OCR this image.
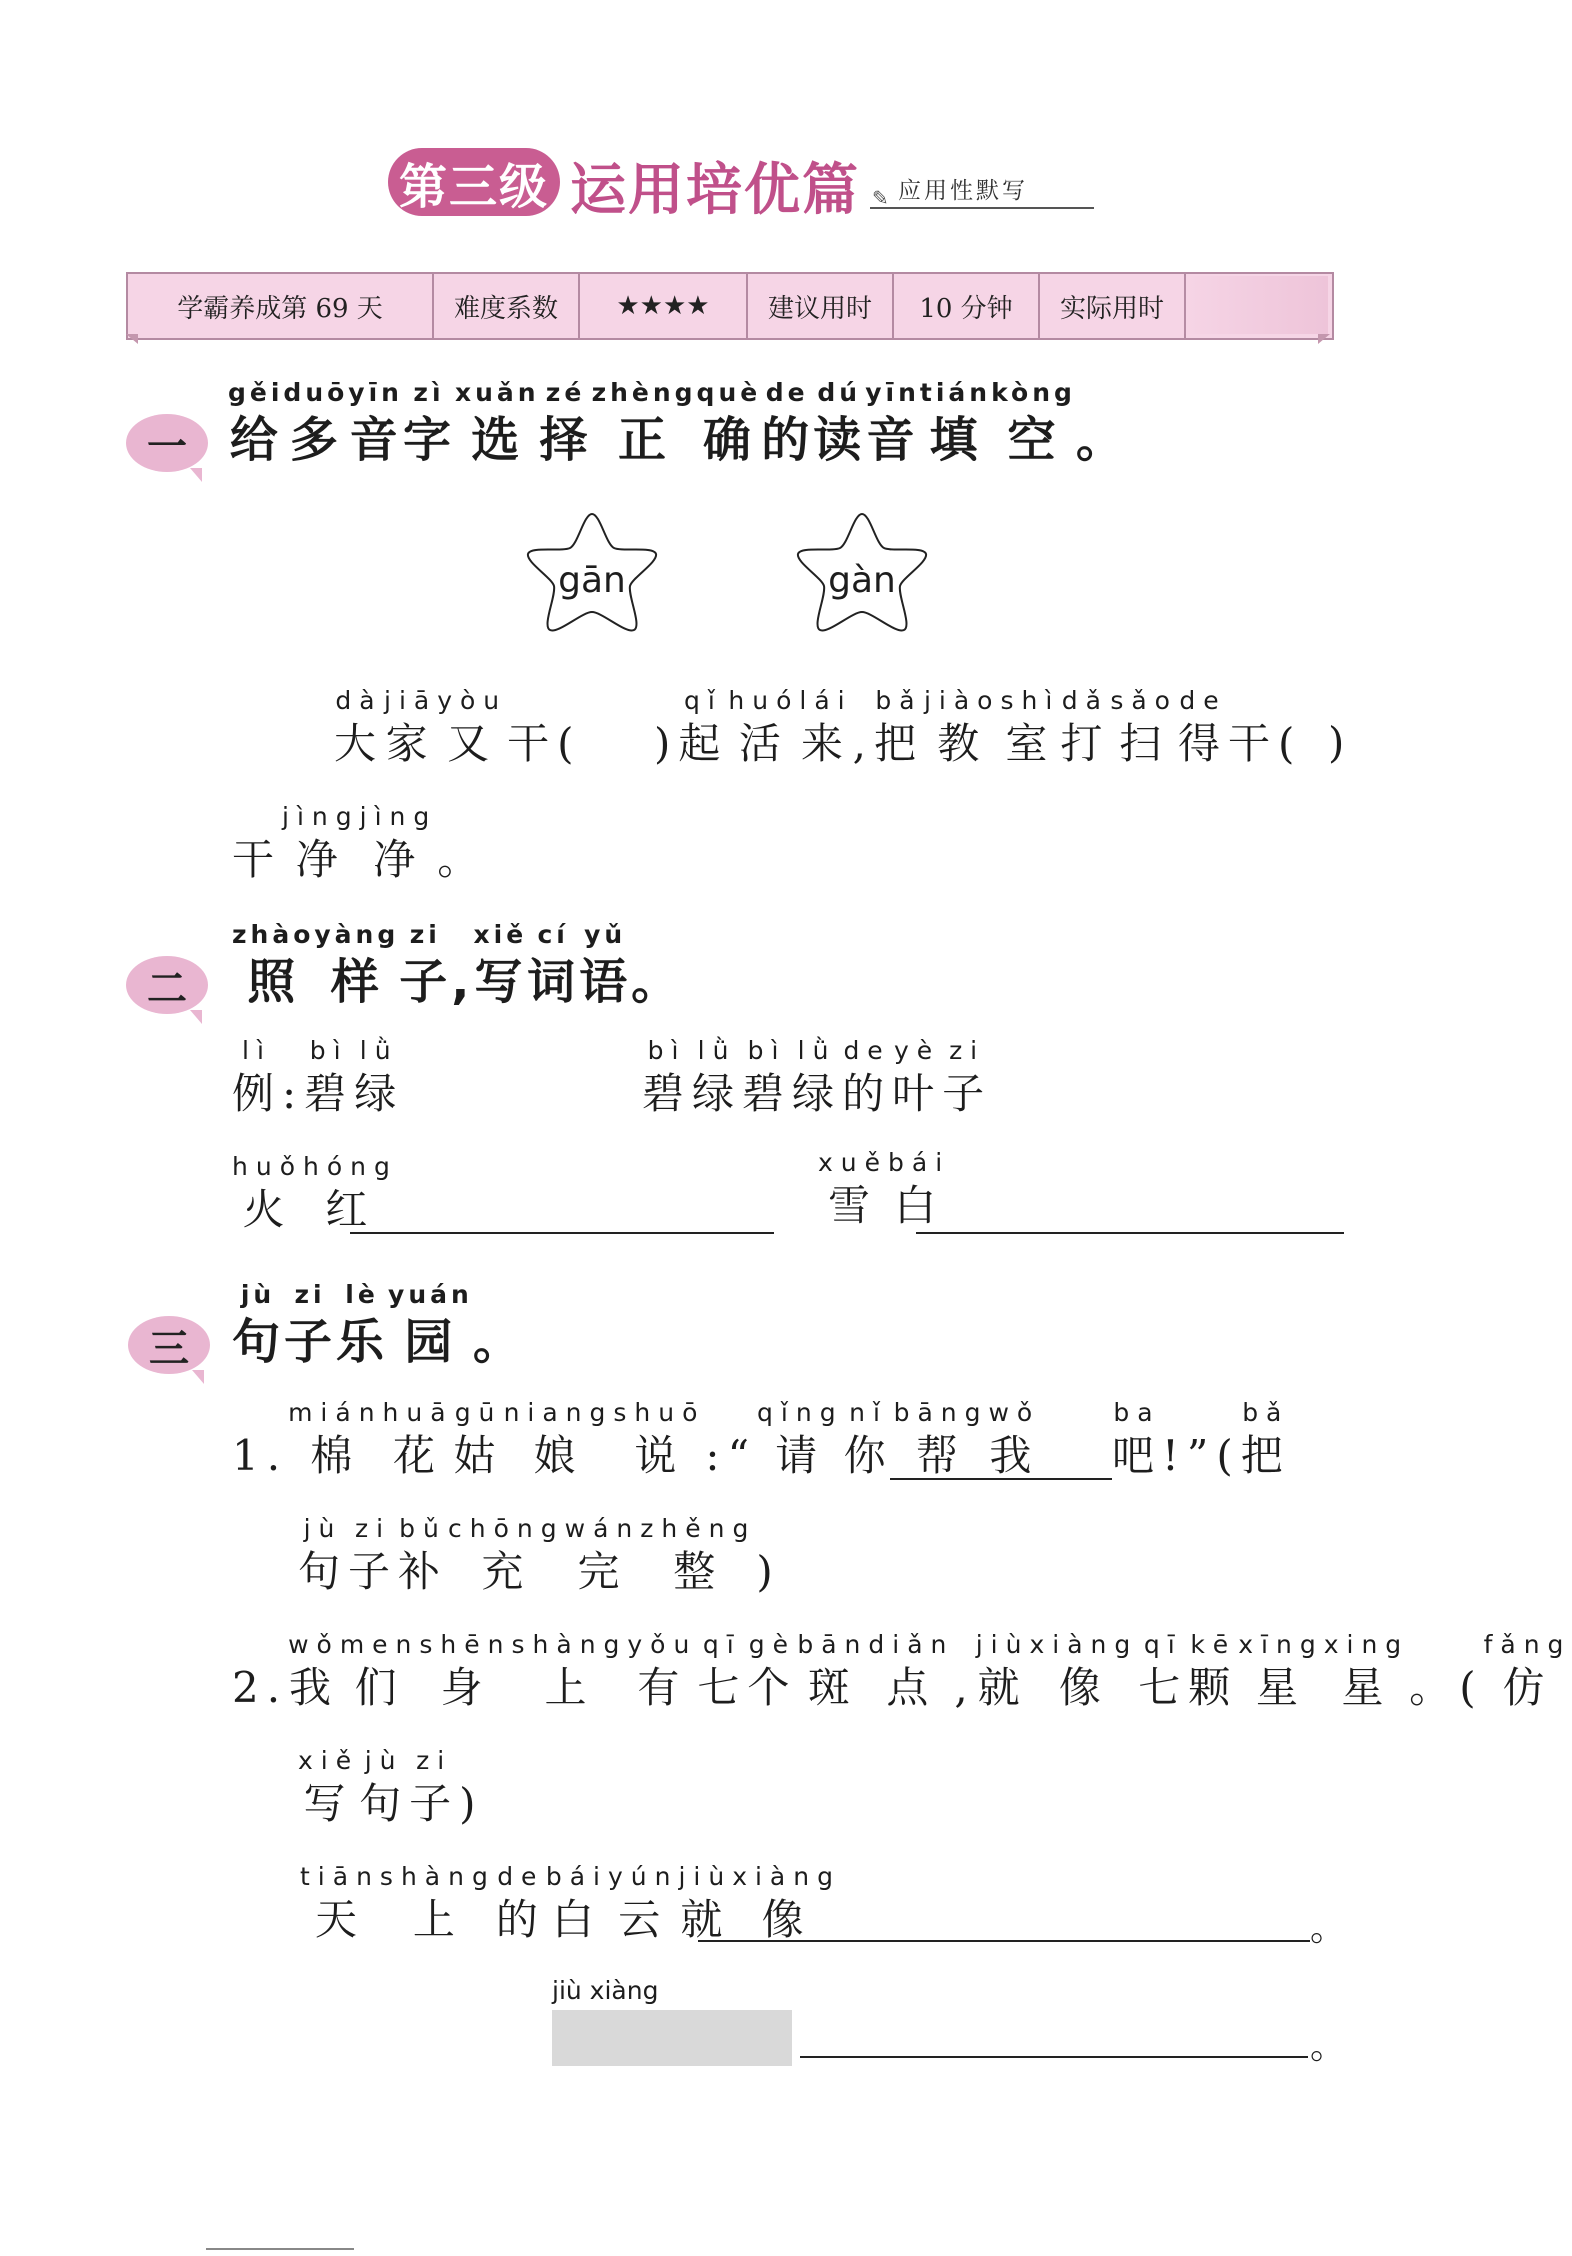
第三级 运用培优篇 ✎ 应用性默写
学霸养成第 69 天	难度系数	★★★★	建议用时	10 分钟	实际用时
一 给gěi多duō音yīn字zì选xuǎn择zé正zhèng确què的de读dú音yīn填tián空kòng。
gān	gàn
大dà家jiā又yòu干( ) 起qǐ活huó来lái, 把bǎ教jiào室shì打dǎ扫sǎo得de干( )
干 净jìng净jìng。
二 照zhào样yàng子zi, 写xiě词cí语yǔ。
例lì: 碧bì绿lǜ
碧bì绿lǜ碧bì绿lǜ的de叶yè子zi
火huǒ红hóng
雪xuě白bái
三 句jù子zi乐lè园yuán。
1. 棉mián花huā姑gū娘niang说shuō: “ 请qǐng你nǐ帮bāng我wǒ
吧ba! ” ( 把bǎ
句jù子zi补bǔ充chōng完wán整zhěng)
2. 我wǒ们men身shēn上shàng有yǒu七qī个gè斑bān点diǎn, 就jiù像xiàng七qī颗kē星xīng星xing。 ( 仿fǎng
写xiě句jù子zi)
天tiān上shàng的de白bái云yún就jiù像xiàng
。
jiù xiàng
。
